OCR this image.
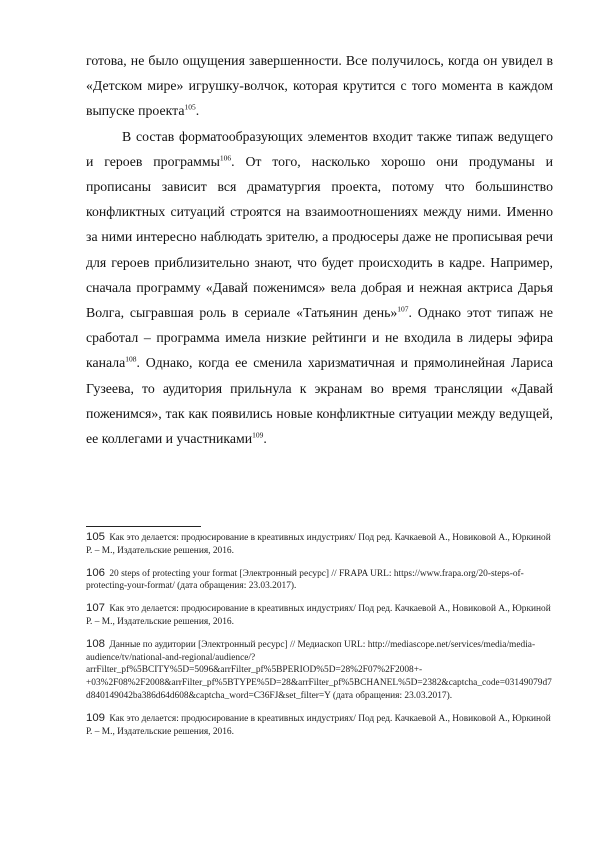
готова, не было ощущения завершенности. Все получилось, когда он увидел в «Детском мире» игрушку-волчок, которая крутится с того момента в каждом выпуске проекта$^{105}$.

В состав форматообразующих элементов входит также типаж ведущего и героев программы$^{106}$. От того, насколько хорошо они продуманы и прописаны зависит вся драматургия проекта, потому что большинство конфликтных ситуаций строятся на взаимоотношениях между ними. Именно за ними интересно наблюдать зрителю, а продюсеры даже не прописывая речи для героев приблизительно знают, что будет происходить в кадре. Например, сначала программу «Давай поженимся» вела добрая и нежная актриса Дарья Волга, сыгравшая роль в сериале «Татьянин день»$^{107}$. Однако этот типаж не сработал – программа имела низкие рейтинги и не входила в лидеры эфира канала$^{108}$. Однако, когда ее сменила харизматичная и прямолинейная Лариса Гузеева, то аудитория прильнула к экранам во время трансляции «Давай поженимся», так как появились новые конфликтные ситуации между ведущей, ее коллегами и участниками$^{109}$.

105 Как это делается: продюсирование в креативных индустриях/ Под ред. Качкаевой А., Новиковой А., Юркиной Р. – М., Издательские решения, 2016.
106 20 steps of protecting your format [Электронный ресурс] // FRAPA URL: https://www.frapa.org/20-steps-of-protecting-your-format/ (дата обращения: 23.03.2017).
107 Как это делается: продюсирование в креативных индустриях/ Под ред. Качкаевой А., Новиковой А., Юркиной Р. – М., Издательские решения, 2016.
108 Данные по аудитории [Электронный ресурс] // Медиаскоп URL: http://mediascope.net/services/media/media-audience/tv/national-and-regional/audience/?arrFilter_pf%5BCITY%5D=5096&arrFilter_pf%5BPERIOD%5D=28%2F07%2F2008+-+03%2F08%2F2008&arrFilter_pf%5BTYPE%5D=28&arrFilter_pf%5BCHANEL%5D=2382&captcha_code=03149079d7d840149042ba386d64d608&captcha_word=C36FJ&set_filter=Y (дата обращения: 23.03.2017).
109 Как это делается: продюсирование в креативных индустриях/ Под ред. Качкаевой А., Новиковой А., Юркиной Р. – М., Издательские решения, 2016.
